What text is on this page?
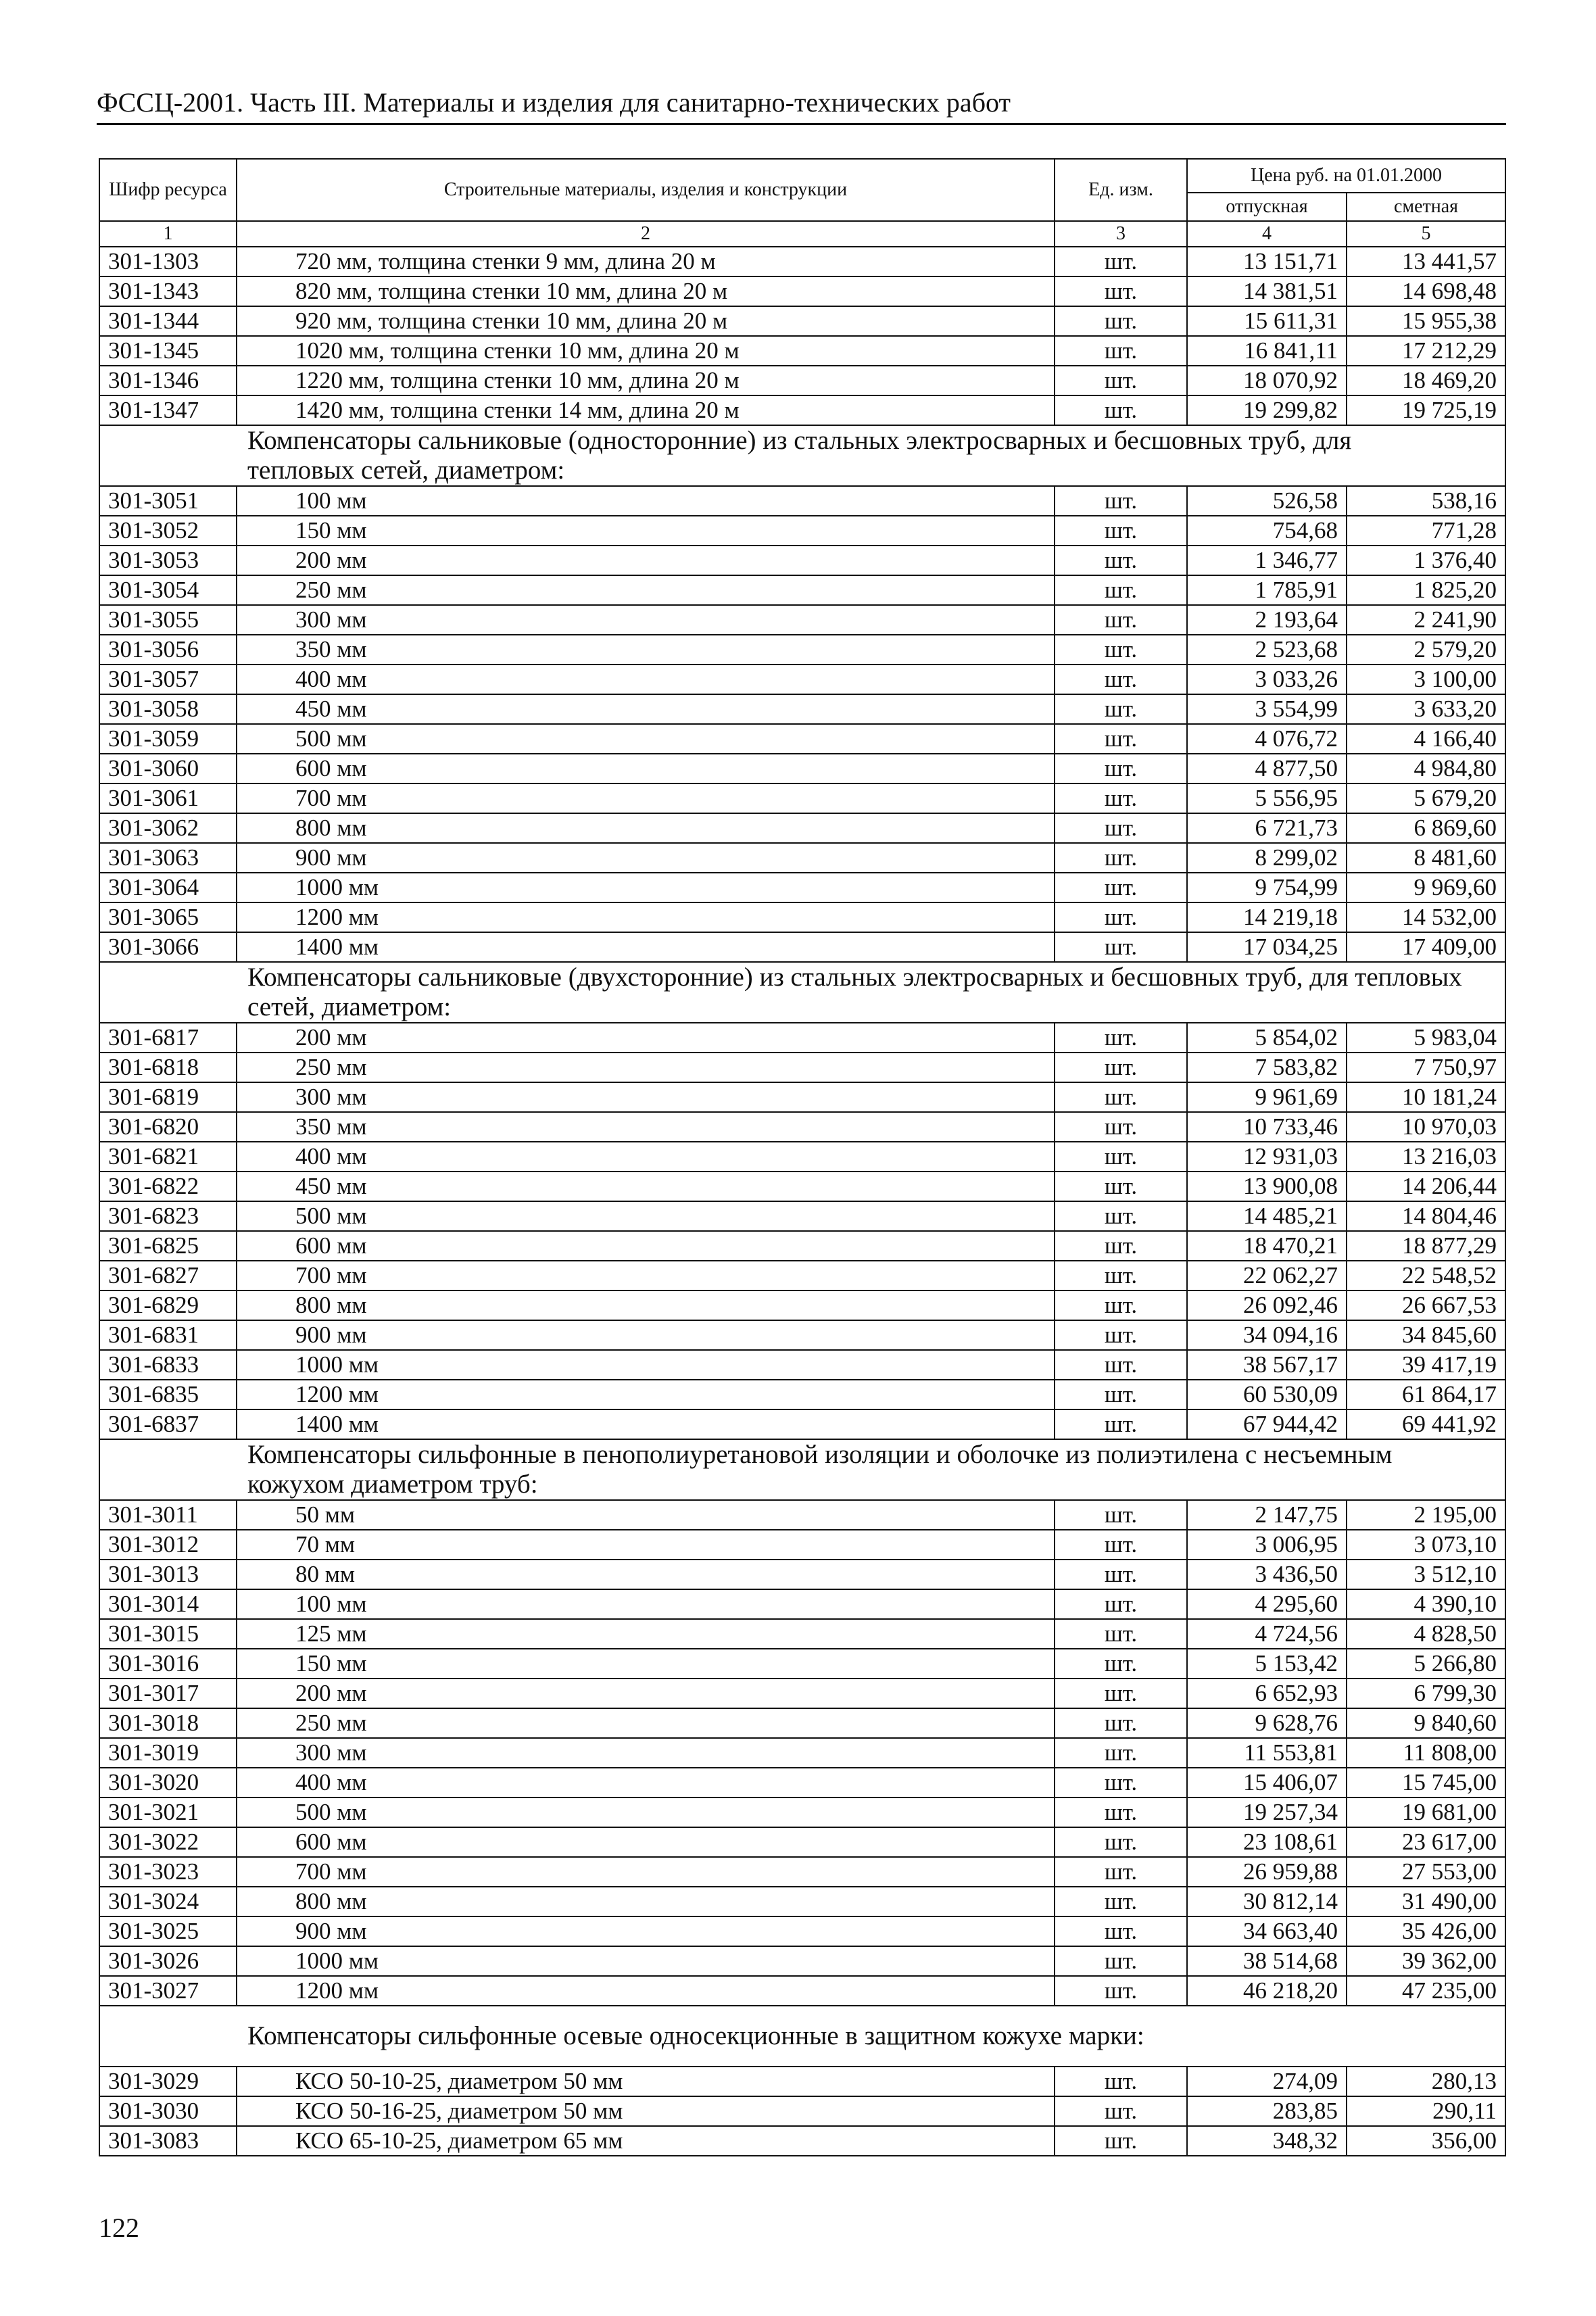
ФССЦ-2001. Часть III. Материалы и изделия для санитарно-технических работ
Шифр ресурса	Строительные материалы, изделия и конструкции	Ед. изм.	Цена руб. на 01.01.2000	
			отпускная	сметная
1	2	3	4	5
301-1303	720 мм, толщина стенки 9 мм, длина 20 м	шт.	13 151,71	13 441,57
301-1343	820 мм, толщина стенки 10 мм, длина 20 м	шт.	14 381,51	14 698,48
301-1344	920 мм, толщина стенки 10 мм, длина 20 м	шт.	15 611,31	15 955,38
301-1345	1020 мм, толщина стенки 10 мм, длина 20 м	шт.	16 841,11	17 212,29
301-1346	1220 мм, толщина стенки 10 мм, длина 20 м	шт.	18 070,92	18 469,20
301-1347	1420 мм, толщина стенки 14 мм, длина 20 м	шт.	19 299,82	19 725,19
Компенсаторы сальниковые (односторонние) из стальных электросварных и бесшовных труб, для тепловых сетей, диаметром:				
301-3051	100 мм	шт.	526,58	538,16
301-3052	150 мм	шт.	754,68	771,28
301-3053	200 мм	шт.	1 346,77	1 376,40
301-3054	250 мм	шт.	1 785,91	1 825,20
301-3055	300 мм	шт.	2 193,64	2 241,90
301-3056	350 мм	шт.	2 523,68	2 579,20
301-3057	400 мм	шт.	3 033,26	3 100,00
301-3058	450 мм	шт.	3 554,99	3 633,20
301-3059	500 мм	шт.	4 076,72	4 166,40
301-3060	600 мм	шт.	4 877,50	4 984,80
301-3061	700 мм	шт.	5 556,95	5 679,20
301-3062	800 мм	шт.	6 721,73	6 869,60
301-3063	900 мм	шт.	8 299,02	8 481,60
301-3064	1000 мм	шт.	9 754,99	9 969,60
301-3065	1200 мм	шт.	14 219,18	14 532,00
301-3066	1400 мм	шт.	17 034,25	17 409,00
Компенсаторы сальниковые (двухсторонние) из стальных электросварных и бесшовных труб, для тепловых сетей, диаметром:				
301-6817	200 мм	шт.	5 854,02	5 983,04
301-6818	250 мм	шт.	7 583,82	7 750,97
301-6819	300 мм	шт.	9 961,69	10 181,24
301-6820	350 мм	шт.	10 733,46	10 970,03
301-6821	400 мм	шт.	12 931,03	13 216,03
301-6822	450 мм	шт.	13 900,08	14 206,44
301-6823	500 мм	шт.	14 485,21	14 804,46
301-6825	600 мм	шт.	18 470,21	18 877,29
301-6827	700 мм	шт.	22 062,27	22 548,52
301-6829	800 мм	шт.	26 092,46	26 667,53
301-6831	900 мм	шт.	34 094,16	34 845,60
301-6833	1000 мм	шт.	38 567,17	39 417,19
301-6835	1200 мм	шт.	60 530,09	61 864,17
301-6837	1400 мм	шт.	67 944,42	69 441,92
Компенсаторы сильфонные в пенополиуретановой изоляции и оболочке из полиэтилена с несъемным кожухом диаметром труб:				
301-3011	50 мм	шт.	2 147,75	2 195,00
301-3012	70 мм	шт.	3 006,95	3 073,10
301-3013	80 мм	шт.	3 436,50	3 512,10
301-3014	100 мм	шт.	4 295,60	4 390,10
301-3015	125 мм	шт.	4 724,56	4 828,50
301-3016	150 мм	шт.	5 153,42	5 266,80
301-3017	200 мм	шт.	6 652,93	6 799,30
301-3018	250 мм	шт.	9 628,76	9 840,60
301-3019	300 мм	шт.	11 553,81	11 808,00
301-3020	400 мм	шт.	15 406,07	15 745,00
301-3021	500 мм	шт.	19 257,34	19 681,00
301-3022	600 мм	шт.	23 108,61	23 617,00
301-3023	700 мм	шт.	26 959,88	27 553,00
301-3024	800 мм	шт.	30 812,14	31 490,00
301-3025	900 мм	шт.	34 663,40	35 426,00
301-3026	1000 мм	шт.	38 514,68	39 362,00
301-3027	1200 мм	шт.	46 218,20	47 235,00
Компенсаторы сильфонные осевые односекционные в защитном кожухе марки:				
301-3029	КСО 50-10-25, диаметром 50 мм	шт.	274,09	280,13
301-3030	КСО 50-16-25, диаметром 50 мм	шт.	283,85	290,11
301-3083	КСО 65-10-25, диаметром 65 мм	шт.	348,32	356,00
122
